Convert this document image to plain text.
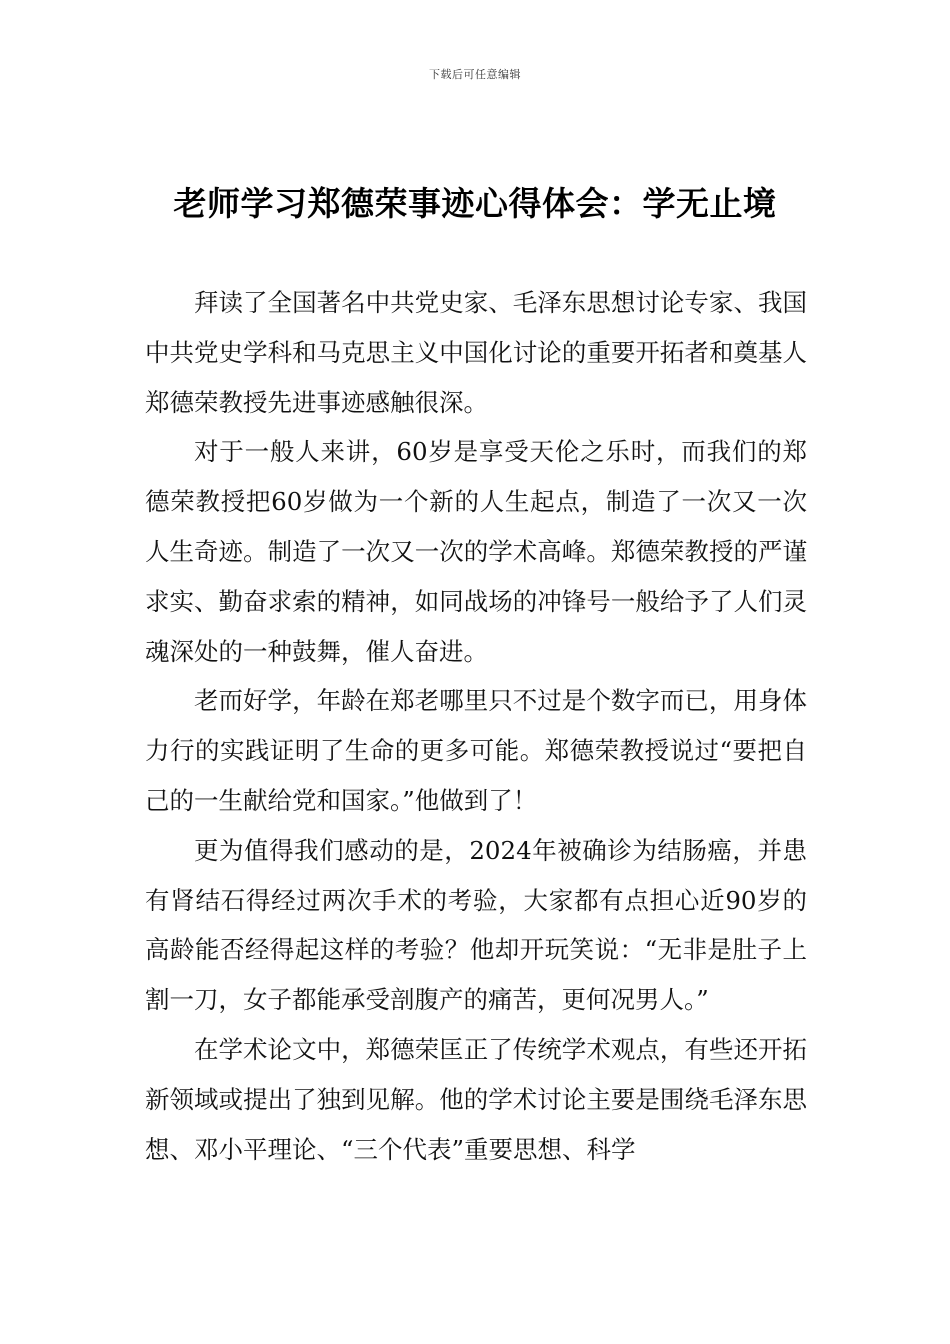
下载后可任意编辑
老师学习郑德荣事迹心得体会：学无止境

拜读了全国著名中共党史家、毛泽东思想讨论专家、我国中共党史学科和马克思主义中国化讨论的重要开拓者和奠基人郑德荣教授先进事迹感触很深。

对于一般人来讲，60岁是享受天伦之乐时，而我们的郑德荣教授把60岁做为一个新的人生起点，制造了一次又一次人生奇迹。制造了一次又一次的学术高峰。郑德荣教授的严谨求实、勤奋求索的精神，如同战场的冲锋号一般给予了人们灵魂深处的一种鼓舞，催人奋进。

老而好学，年龄在郑老哪里只不过是个数字而已，用身体力行的实践证明了生命的更多可能。郑德荣教授说过“要把自己的一生献给党和国家。”他做到了！

更为值得我们感动的是，2024年被确诊为结肠癌，并患有肾结石得经过两次手术的考验，大家都有点担心近90岁的高龄能否经得起这样的考验？他却开玩笑说：“无非是肚子上割一刀，女子都能承受剖腹产的痛苦，更何况男人。”

在学术论文中，郑德荣匡正了传统学术观点，有些还开拓新领域或提出了独到见解。他的学术讨论主要是围绕毛泽东思想、邓小平理论、“三个代表”重要思想、科学
